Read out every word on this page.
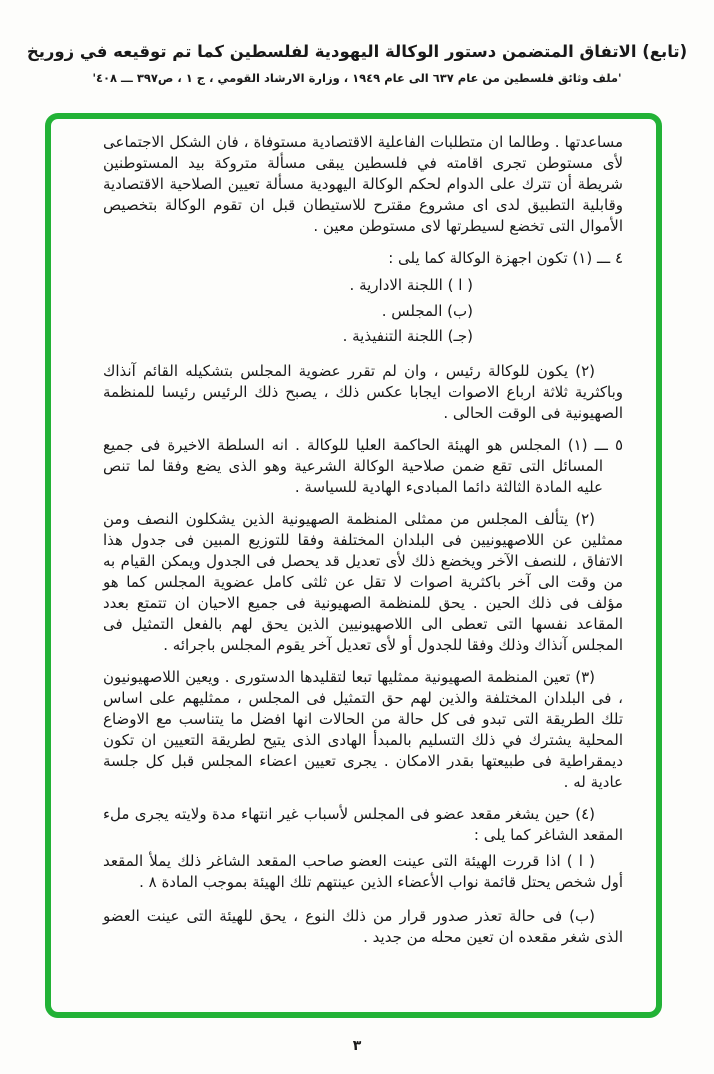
(تابع) الاتفاق المتضمن دستور الوكالة اليهودية لفلسطين كما تم توقيعه في زوريخ
'ملف وثائق فلسطين من عام ٦٣٧ الى عام ١٩٤٩ ، وزارة الارشاد القومي ، ج ١ ، ص٣٩٧ ـــ ٤٠٨'

مساعدتها . وطالما ان متطلبات الفاعلية الاقتصادية مستوفاة ، فان الشكل الاجتماعى لأى مستوطن تجرى اقامته في فلسطين يبقى مسألة متروكة بيد المستوطنين شريطة أن تترك على الدوام لحكم الوكالة اليهودية مسألة تعيين الصلاحية الاقتصادية وقابلية التطبيق لدى اى مشروع مقترح للاستيطان قبل ان تقوم الوكالة بتخصيص الأموال التى تخضع لسيطرتها لاى مستوطن معين .

٤ ـــ (١) تكون اجهزة الوكالة كما يلى :

( ا ) اللجنة الادارية .
(ب) المجلس .
(جـ) اللجنة التنفيذية .

(٢) يكون للوكالة رئيس ، وان لم تقرر عضوية المجلس بتشكيله القائم آنذاك وباكثرية ثلاثة ارباع الاصوات ايجابا عكس ذلك ، يصبح ذلك الرئيس رئيسا للمنظمة الصهيونية فى الوقت الحالى .

٥ ـــ (١) المجلس هو الهيئة الحاكمة العليا للوكالة . انه السلطة الاخيرة فى جميع المسائل التى تقع ضمن صلاحية الوكالة الشرعية وهو الذى يضع وفقا لما تنص عليه المادة الثالثة دائما المبادىء الهادية للسياسة .

(٢) يتألف المجلس من ممثلى المنظمة الصهيونية الذين يشكلون النصف ومن ممثلين عن اللاصهيونيين فى البلدان المختلفة وفقا للتوزيع المبين فى جدول هذا الاتفاق ، للنصف الآخر ويخضع ذلك لأى تعديل قد يحصل فى الجدول ويمكن القيام به من وقت الى آخر باكثرية اصوات لا تقل عن ثلثى كامل عضوية المجلس كما هو مؤلف فى ذلك الحين . يحق للمنظمة الصهيونية فى جميع الاحيان ان تتمتع بعدد المقاعد نفسها التى تعطى الى اللاصهيونيين الذين يحق لهم بالفعل التمثيل فى المجلس آنذاك وذلك وفقا للجدول أو لأى تعديل آخر يقوم المجلس باجرائه .

(٣) تعين المنظمة الصهيونية ممثليها تبعا لتقليدها الدستورى . ويعين اللاصهيونيون ، فى البلدان المختلفة والذين لهم حق التمثيل فى المجلس ، ممثليهم على اساس تلك الطريقة التى تبدو فى كل حالة من الحالات انها افضل ما يتناسب مع الاوضاع المحلية يشترك في ذلك التسليم بالمبدأ الهادى الذى يتيح لطريقة التعيين ان تكون ديمقراطية فى طبيعتها بقدر الامكان . يجرى تعيين اعضاء المجلس قبل كل جلسة عادية له .

(٤) حين يشغر مقعد عضو فى المجلس لأسباب غير انتهاء مدة ولايته يجرى ملء المقعد الشاغر كما يلى :

( ا ) اذا قررت الهيئة التى عينت العضو صاحب المقعد الشاغر ذلك يملأ المقعد أول شخص يحتل قائمة نواب الأعضاء الذين عينتهم تلك الهيئة بموجب المادة ٨ .

(ب) فى حالة تعذر صدور قرار من ذلك النوع ، يحق للهيئة التى عينت العضو الذى شغر مقعده ان تعين محله من جديد .

٣
